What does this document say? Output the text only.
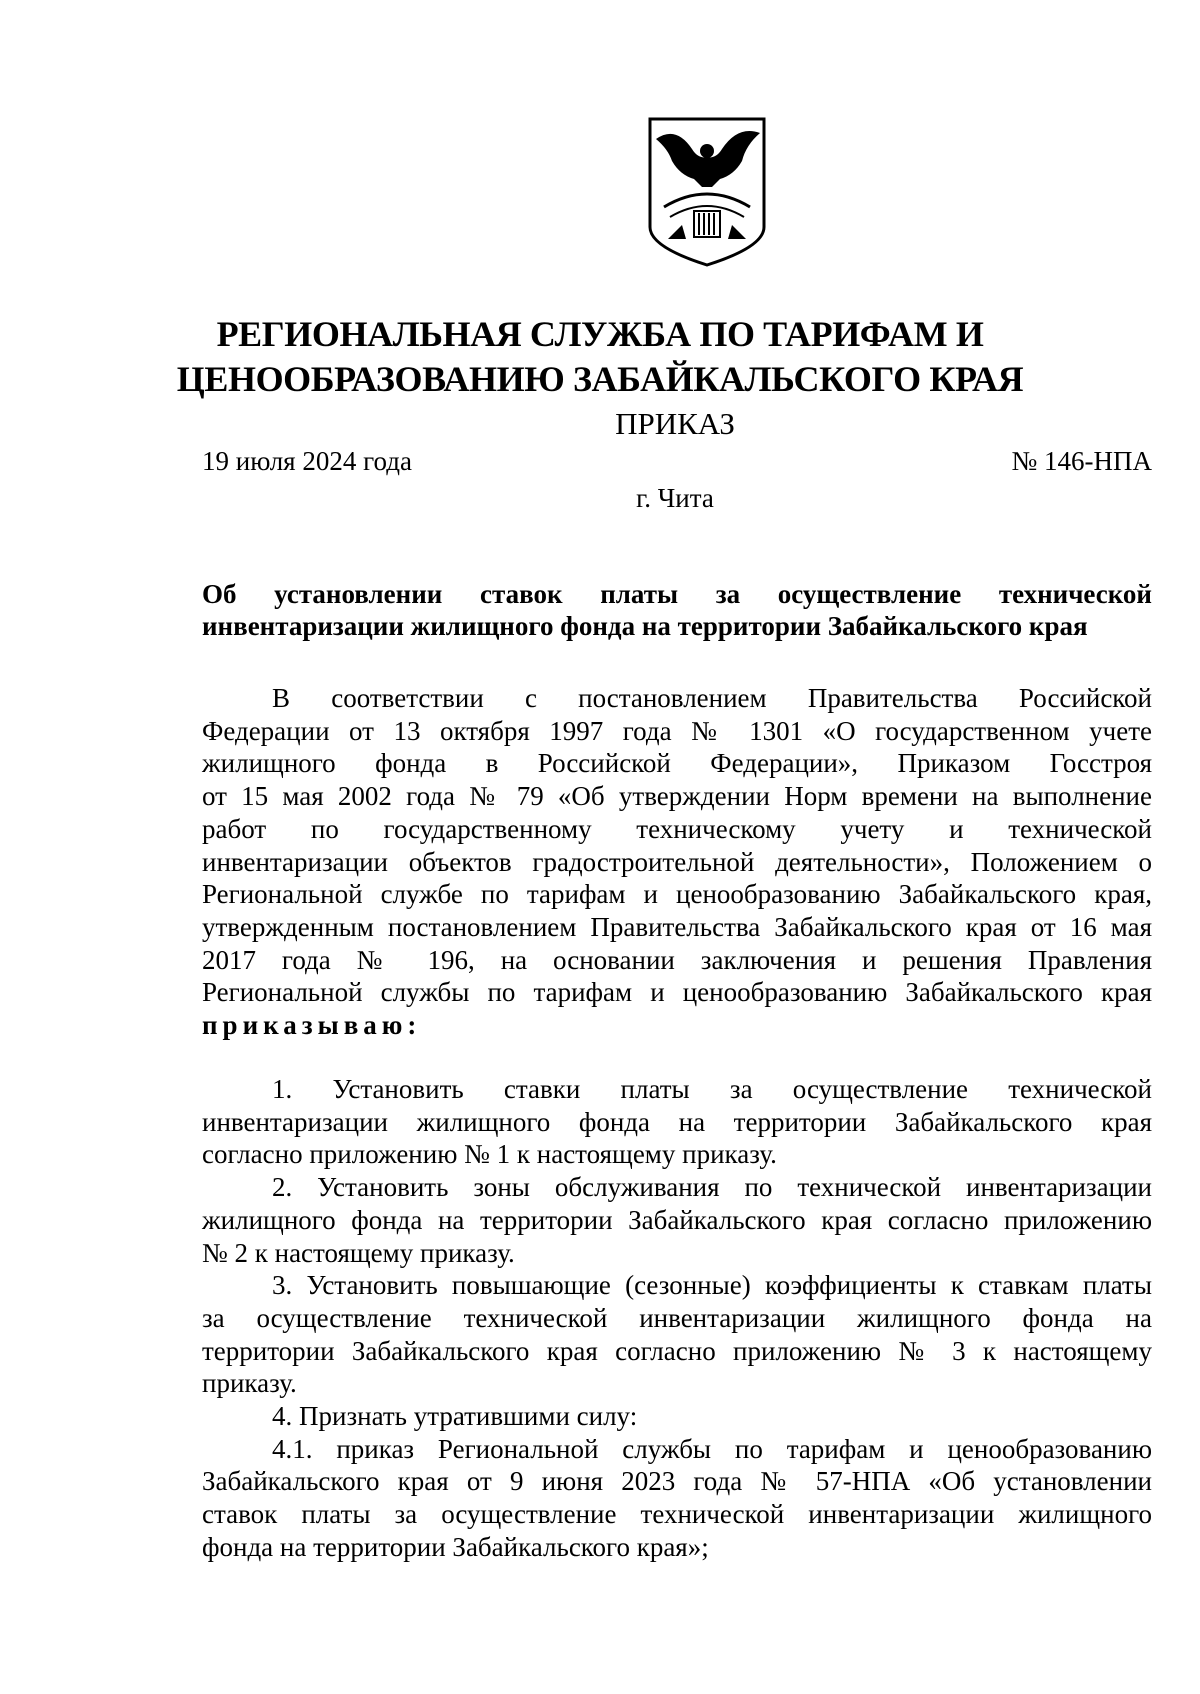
РЕГИОНАЛЬНАЯ СЛУЖБА ПО ТАРИФАМ И
ЦЕНООБРАЗОВАНИЮ ЗАБАЙКАЛЬСКОГО КРАЯ
ПРИКАЗ
19 июля 2024 года	№ 146-НПА
г. Чита
Об установлении ставок платы за осуществление технической
инвентаризации жилищного фонда на территории Забайкальского края
В соответствии с постановлением Правительства Российской
Федерации от 13 октября 1997 года № 1301 «О государственном учете
жилищного фонда в Российской Федерации», Приказом Госстроя
от 15 мая 2002 года № 79 «Об утверждении Норм времени на выполнение
работ по государственному техническому учету и технической
инвентаризации объектов градостроительной деятельности», Положением о
Региональной службе по тарифам и ценообразованию Забайкальского края,
утвержденным постановлением Правительства Забайкальского края от 16 мая
2017 года № 196, на основании заключения и решения Правления
Региональной службы по тарифам и ценообразованию Забайкальского края
приказываю:
1. Установить ставки платы за осуществление технической
инвентаризации жилищного фонда на территории Забайкальского края
согласно приложению № 1 к настоящему приказу.
2. Установить зоны обслуживания по технической инвентаризации
жилищного фонда на территории Забайкальского края согласно приложению
№ 2 к настоящему приказу.
3. Установить повышающие (сезонные) коэффициенты к ставкам платы
за осуществление технической инвентаризации жилищного фонда на
территории Забайкальского края согласно приложению № 3 к настоящему
приказу.
4. Признать утратившими силу:
4.1. приказ Региональной службы по тарифам и ценообразованию
Забайкальского края от 9 июня 2023 года № 57-НПА «Об установлении
ставок платы за осуществление технической инвентаризации жилищного
фонда на территории Забайкальского края»;
